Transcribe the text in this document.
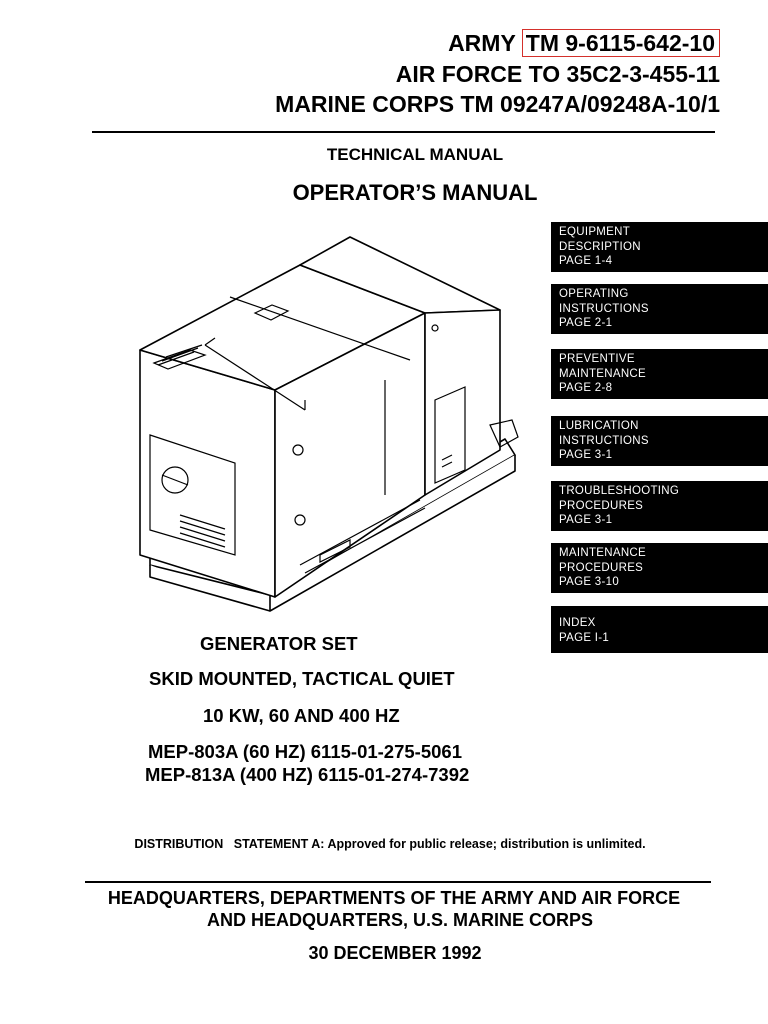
ARMY TM 9-6115-642-10
AIR FORCE TO 35C2-3-455-11
MARINE CORPS TM 09247A/09248A-10/1
TECHNICAL MANUAL
OPERATOR’S MANUAL
EQUIPMENT
DESCRIPTION
PAGE 1-4
OPERATING
INSTRUCTIONS
PAGE 2-1
PREVENTIVE
MAINTENANCE
PAGE 2-8
LUBRICATION
INSTRUCTIONS
PAGE 3-1
TROUBLESHOOTING
PROCEDURES
PAGE 3-1
MAINTENANCE
PROCEDURES
PAGE 3-10
INDEX
PAGE I-1
GENERATOR SET
SKID MOUNTED, TACTICAL QUIET
10 KW, 60 AND 400 HZ
MEP-803A (60 HZ) 6115-01-275-5061
MEP-813A (400 HZ) 6115-01-274-7392
DISTRIBUTION   STATEMENT A: Approved for public release; distribution is unlimited.
HEADQUARTERS, DEPARTMENTS OF THE ARMY AND AIR FORCE
AND HEADQUARTERS, U.S. MARINE CORPS
30 DECEMBER 1992
